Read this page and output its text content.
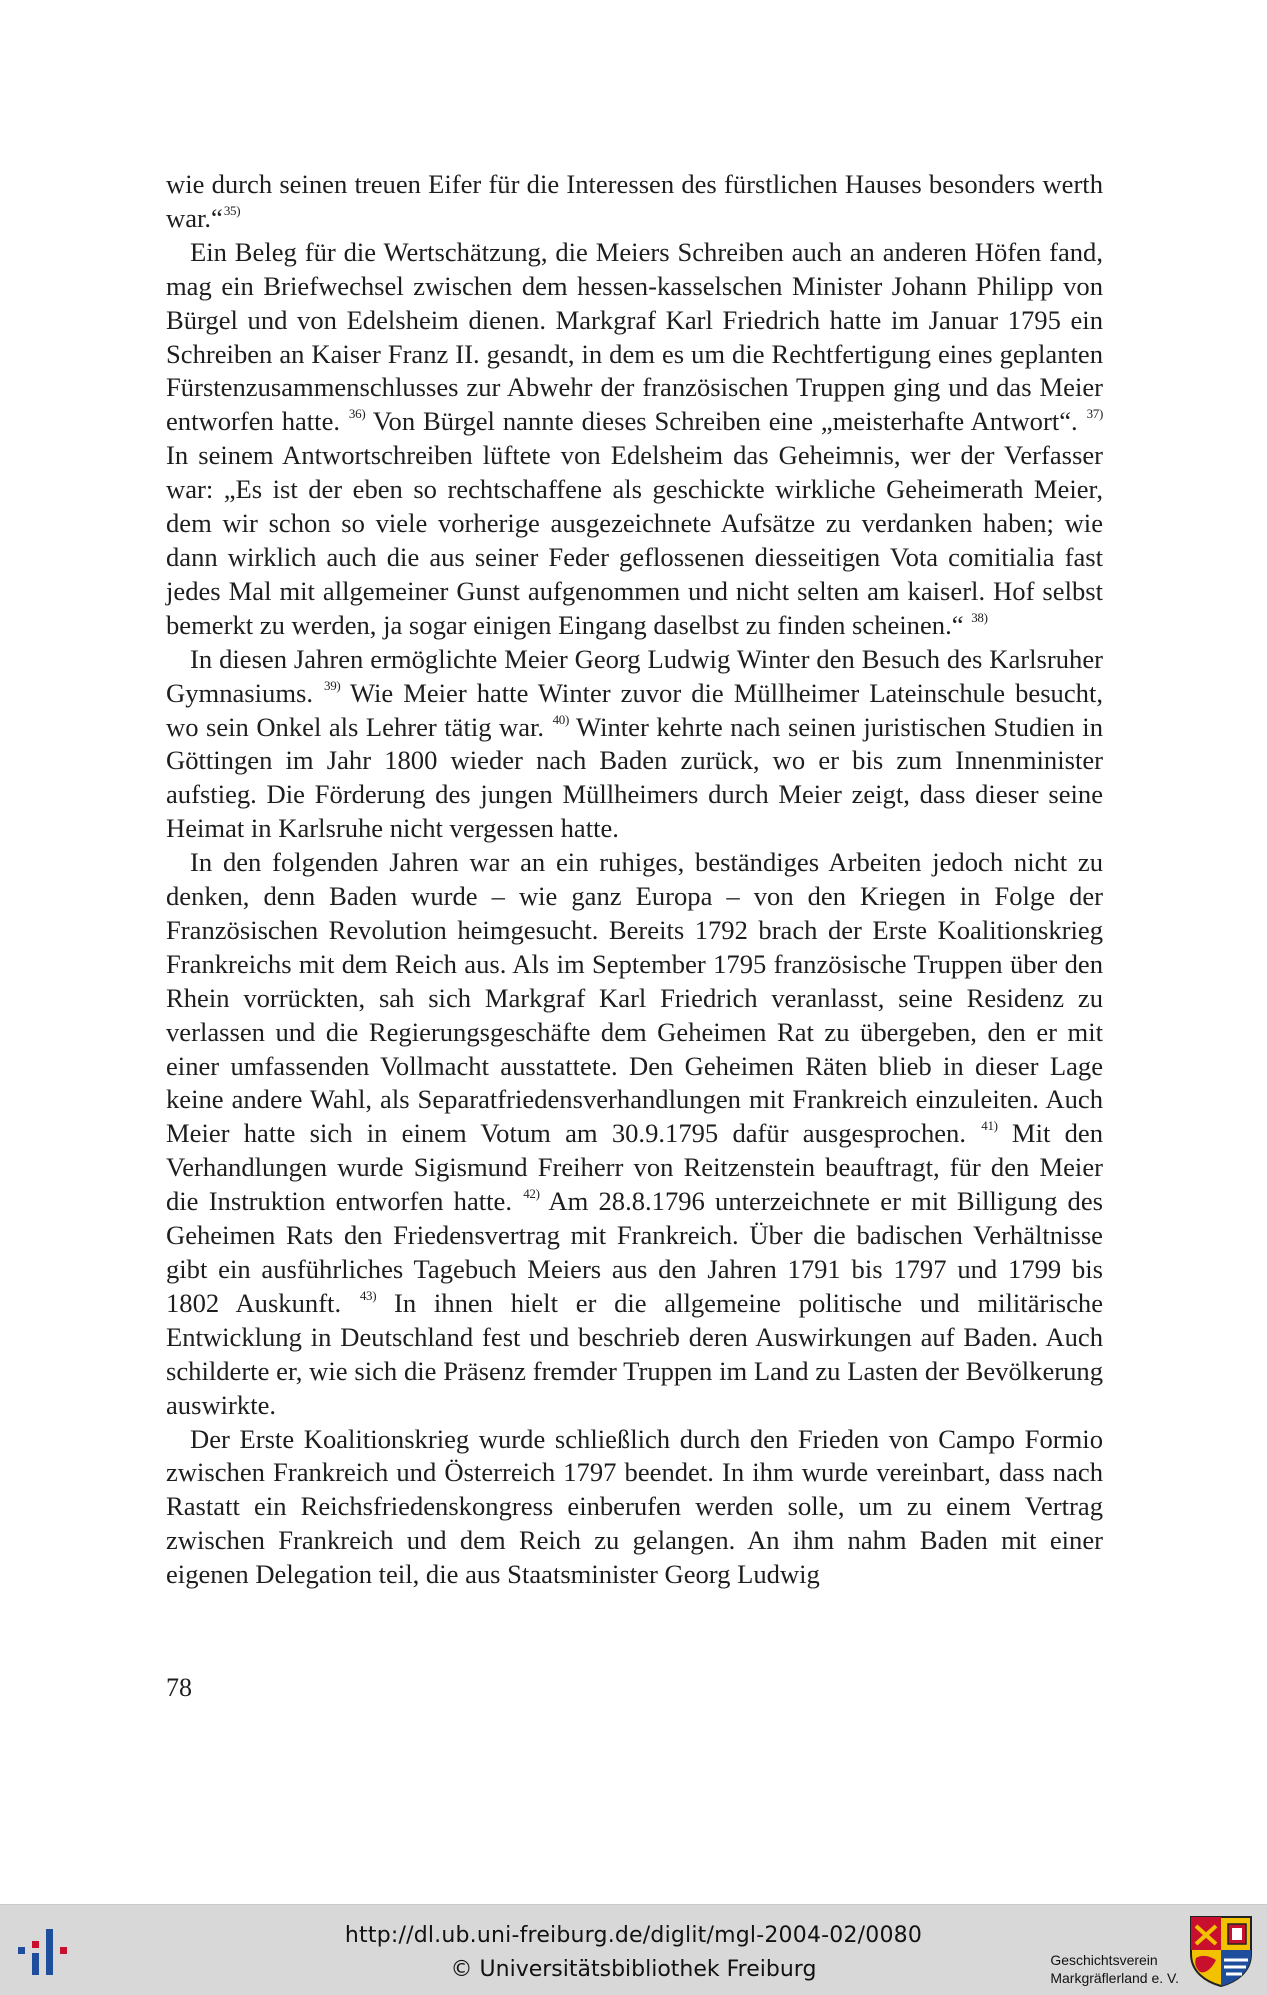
wie durch seinen treuen Eifer für die Interessen des fürstlichen Hauses besonders werth war.“$^{35)}$

Ein Beleg für die Wertschätzung, die Meiers Schreiben auch an anderen Höfen fand, mag ein Briefwechsel zwischen dem hessen-kasselschen Minister Johann Philipp von Bürgel und von Edelsheim dienen. Markgraf Karl Friedrich hatte im Januar 1795 ein Schreiben an Kaiser Franz II. gesandt, in dem es um die Rechtfertigung eines geplanten Fürstenzusammenschlusses zur Abwehr der französischen Truppen ging und das Meier entworfen hatte. $^{36)}$ Von Bürgel nannte dieses Schreiben eine „meisterhafte Antwort“. $^{37)}$ In seinem Antwortschreiben lüftete von Edelsheim das Geheimnis, wer der Verfasser war: „Es ist der eben so rechtschaffene als geschickte wirkliche Geheimerath Meier, dem wir schon so viele vorherige ausgezeichnete Aufsätze zu verdanken haben; wie dann wirklich auch die aus seiner Feder geflossenen diesseitigen Vota comitialia fast jedes Mal mit allgemeiner Gunst aufgenommen und nicht selten am kaiserl. Hof selbst bemerkt zu werden, ja sogar einigen Eingang daselbst zu finden scheinen.“ $^{38)}$

In diesen Jahren ermöglichte Meier Georg Ludwig Winter den Besuch des Karlsruher Gymnasiums. $^{39)}$ Wie Meier hatte Winter zuvor die Müllheimer Lateinschule besucht, wo sein Onkel als Lehrer tätig war. $^{40)}$ Winter kehrte nach seinen juristischen Studien in Göttingen im Jahr 1800 wieder nach Baden zurück, wo er bis zum Innenminister aufstieg. Die Förderung des jungen Müllheimers durch Meier zeigt, dass dieser seine Heimat in Karlsruhe nicht vergessen hatte.

In den folgenden Jahren war an ein ruhiges, beständiges Arbeiten jedoch nicht zu denken, denn Baden wurde – wie ganz Europa – von den Kriegen in Folge der Französischen Revolution heimgesucht. Bereits 1792 brach der Erste Koalitionskrieg Frankreichs mit dem Reich aus. Als im September 1795 französische Truppen über den Rhein vorrückten, sah sich Markgraf Karl Friedrich veranlasst, seine Residenz zu verlassen und die Regierungsgeschäfte dem Geheimen Rat zu übergeben, den er mit einer umfassenden Vollmacht ausstattete. Den Geheimen Räten blieb in dieser Lage keine andere Wahl, als Separatfriedensverhandlungen mit Frankreich einzuleiten. Auch Meier hatte sich in einem Votum am 30.9.1795 dafür ausgesprochen. $^{41)}$ Mit den Verhandlungen wurde Sigismund Freiherr von Reitzenstein beauftragt, für den Meier die Instruktion entworfen hatte. $^{42)}$ Am 28.8.1796 unterzeichnete er mit Billigung des Geheimen Rats den Friedensvertrag mit Frankreich. Über die badischen Verhältnisse gibt ein ausführliches Tagebuch Meiers aus den Jahren 1791 bis 1797 und 1799 bis 1802 Auskunft. $^{43)}$ In ihnen hielt er die allgemeine politische und militärische Entwicklung in Deutschland fest und beschrieb deren Auswirkungen auf Baden. Auch schilderte er, wie sich die Präsenz fremder Truppen im Land zu Lasten der Bevölkerung auswirkte.

Der Erste Koalitionskrieg wurde schließlich durch den Frieden von Campo Formio zwischen Frankreich und Österreich 1797 beendet. In ihm wurde vereinbart, dass nach Rastatt ein Reichsfriedenskongress einberufen werden solle, um zu einem Vertrag zwischen Frankreich und dem Reich zu gelangen. An ihm nahm Baden mit einer eigenen Delegation teil, die aus Staatsminister Georg Ludwig

78
http://dl.ub.uni-freiburg.de/diglit/mgl-2004-02/0080
© Universitätsbibliothek Freiburg	Geschichtsverein
Markgräflerland e. V.
